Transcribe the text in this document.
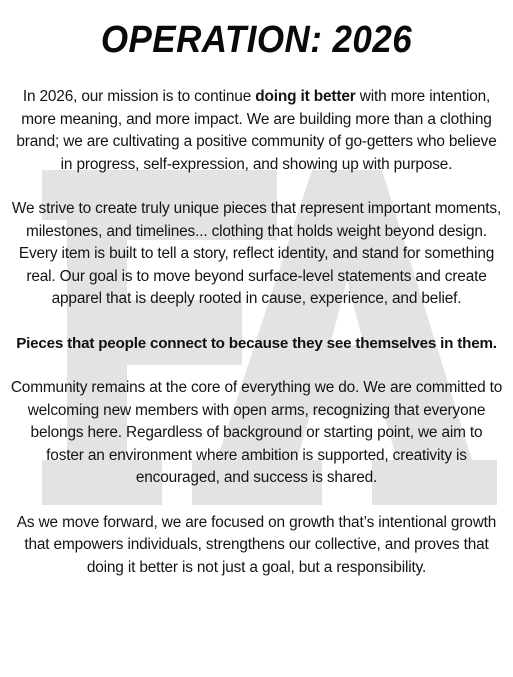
OPERATION: 2026

In 2026, our mission is to continue doing it better with more intention, more meaning, and more impact. We are building more than a clothing brand; we are cultivating a positive community of go-getters who believe in progress, self-expression, and showing up with purpose.

We strive to create truly unique pieces that represent important moments, milestones, and timelines... clothing that holds weight beyond design. Every item is built to tell a story, reflect identity, and stand for something real. Our goal is to move beyond surface-level statements and create apparel that is deeply rooted in cause, experience, and belief.

Pieces that people connect to because they see themselves in them.

Community remains at the core of everything we do. We are committed to welcoming new members with open arms, recognizing that everyone belongs here. Regardless of background or starting point, we aim to foster an environment where ambition is supported, creativity is encouraged, and success is shared.

As we move forward, we are focused on growth that’s intentional growth that empowers individuals, strengthens our collective, and proves that doing it better is not just a goal, but a responsibility.
